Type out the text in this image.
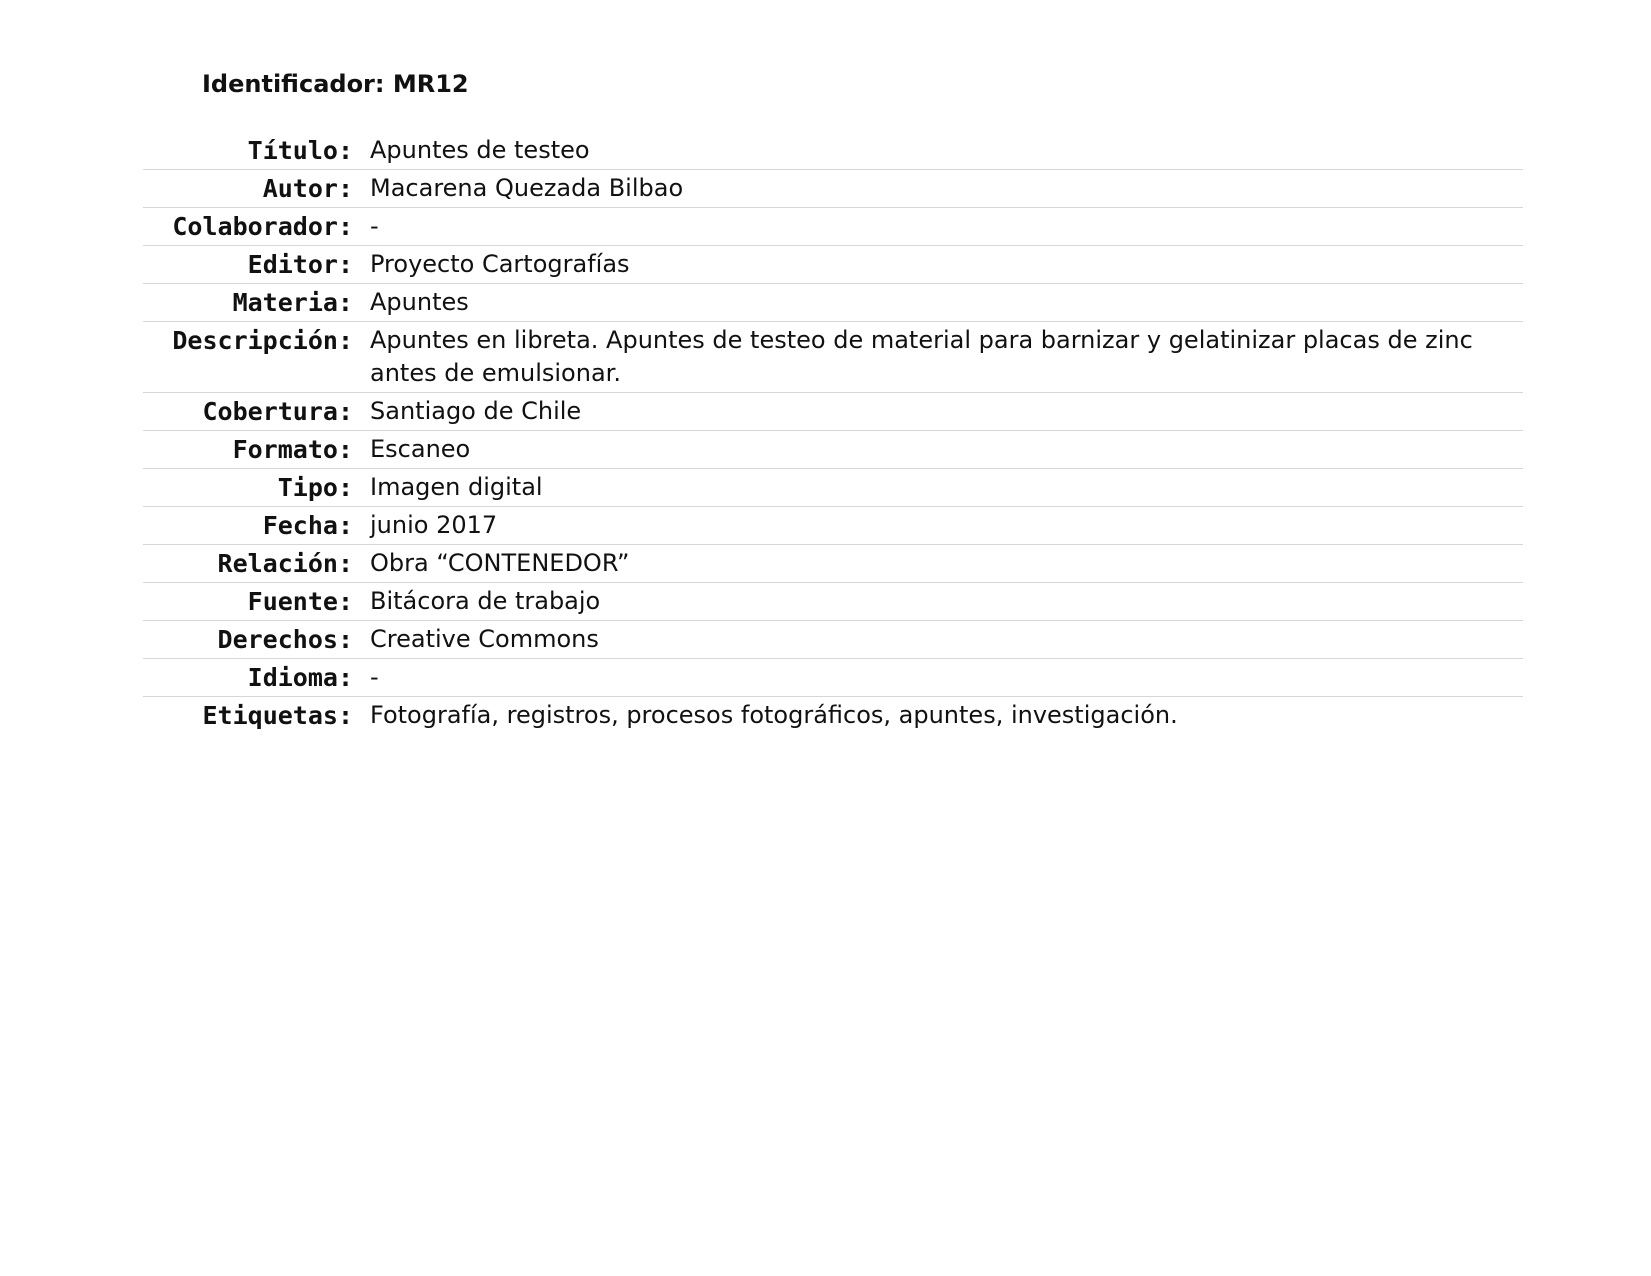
Identificador: MR12
Título: Apuntes de testeo
Autor: Macarena Quezada Bilbao
Colaborador: -
Editor: Proyecto Cartografías
Materia: Apuntes
Descripción: Apuntes en libreta. Apuntes de testeo de material para barnizar y gelatinizar placas de zinc antes de emulsionar.
Cobertura: Santiago de Chile
Formato: Escaneo
Tipo: Imagen digital
Fecha: junio 2017
Relación: Obra “CONTENEDOR”
Fuente: Bitácora de trabajo
Derechos: Creative Commons
Idioma: -
Etiquetas: Fotografía, registros, procesos fotográficos, apuntes, investigación.
